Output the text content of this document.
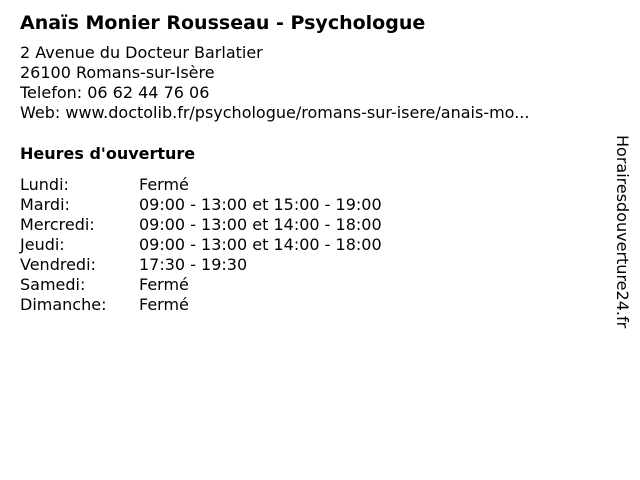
Anaïs Monier Rousseau - Psychologue
2 Avenue du Docteur Barlatier
26100 Romans-sur-Isère
Telefon: 06 62 44 76 06
Web: www.doctolib.fr/psychologue/romans-sur-isere/anais-mo...
Heures d'ouverture
Lundi:	Fermé
Mardi:	09:00 - 13:00 et 15:00 - 19:00
Mercredi:	09:00 - 13:00 et 14:00 - 18:00
Jeudi:	09:00 - 13:00 et 14:00 - 18:00
Vendredi:	17:30 - 19:30
Samedi:	Fermé
Dimanche:	Fermé	Horairesdouverture24.fr
